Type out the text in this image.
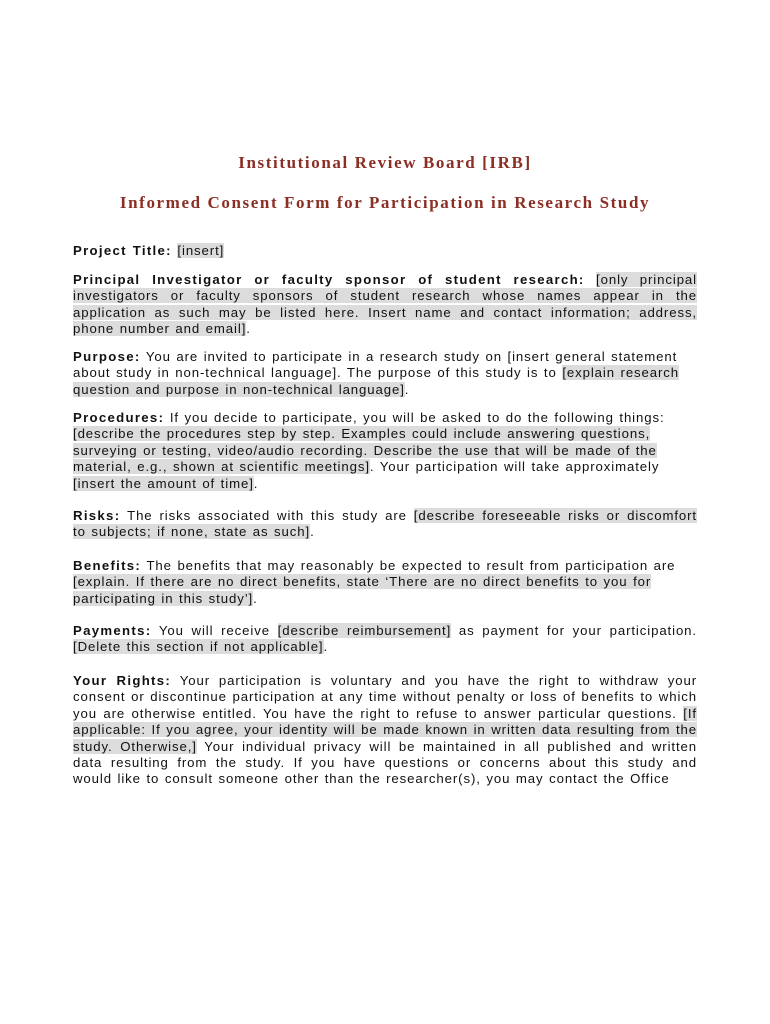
Institutional Review Board [IRB]
Informed Consent Form for Participation in Research Study
Project Title: [insert]
Principal Investigator or faculty sponsor of student research: [only principal investigators or faculty sponsors of student research whose names appear in the application as such may be listed here. Insert name and contact information; address, phone number and email].
Purpose: You are invited to participate in a research study on [insert general statement about study in non-technical language]. The purpose of this study is to [explain research question and purpose in non-technical language].
Procedures: If you decide to participate, you will be asked to do the following things: [describe the procedures step by step. Examples could include answering questions, surveying or testing, video/audio recording. Describe the use that will be made of the material, e.g., shown at scientific meetings]. Your participation will take approximately [insert the amount of time].
Risks: The risks associated with this study are [describe foreseeable risks or discomfort to subjects; if none, state as such].
Benefits: The benefits that may reasonably be expected to result from participation are [explain. If there are no direct benefits, state ‘There are no direct benefits to you for participating in this study’].
Payments: You will receive [describe reimbursement] as payment for your participation. [Delete this section if not applicable].
Your Rights: Your participation is voluntary and you have the right to withdraw your consent or discontinue participation at any time without penalty or loss of benefits to which you are otherwise entitled. You have the right to refuse to answer particular questions. [If applicable: If you agree, your identity will be made known in written data resulting from the study. Otherwise,] Your individual privacy will be maintained in all published and written data resulting from the study. If you have questions or concerns about this study and would like to consult someone other than the researcher(s), you may contact the Office
